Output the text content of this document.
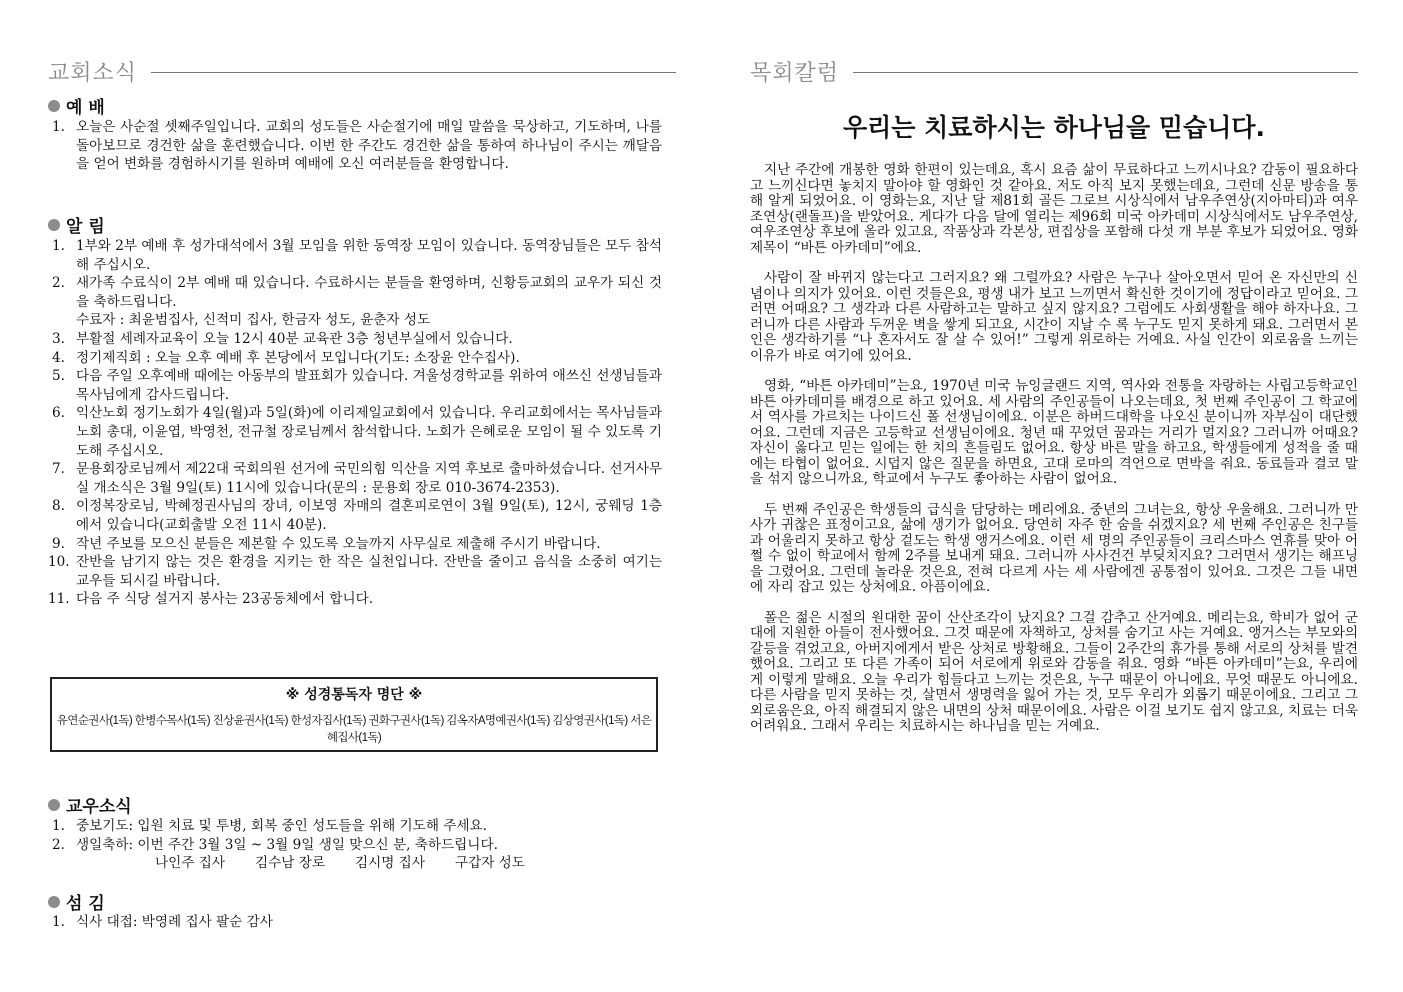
교회소식
예 배
1. 오늘은 사순절 셋째주일입니다. 교회의 성도들은 사순절기에 매일 말씀을 묵상하고, 기도하며, 나를 돌아보므로 경건한 삶을 훈련했습니다. 이번 한 주간도 경건한 삶을 통하여 하나님이 주시는 깨달음을 얻어 변화를 경험하시기를 원하며 예배에 오신 여러분들을 환영합니다.
알 림
1. 1부와 2부 예배 후 성가대석에서 3월 모임을 위한 동역장 모임이 있습니다. 동역장님들은 모두 참석해 주십시오.
2. 새가족 수료식이 2부 예배 때 있습니다. 수료하시는 분들을 환영하며, 신황등교회의 교우가 되신 것을 축하드립니다.
수료자 : 최윤범집사, 신적미 집사, 한금자 성도, 윤춘자 성도
3. 부활절 세례자교육이 오늘 12시 40분 교육관 3층 청년부실에서 있습니다.
4. 정기제직회 : 오늘 오후 예배 후 본당에서 모입니다(기도: 소장윤 안수집사).
5. 다음 주일 오후예배 때에는 아동부의 발표회가 있습니다. 겨울성경학교를 위하여 애쓰신 선생님들과 목사님에게 감사드립니다.
6. 익산노회 정기노회가 4일(월)과 5일(화)에 이리제일교회에서 있습니다. 우리교회에서는 목사님들과 노회 총대, 이윤엽, 박영천, 전규철 장로님께서 참석합니다. 노회가 은혜로운 모임이 될 수 있도록 기도해 주십시오.
7. 문용회장로님께서 제22대 국회의원 선거에 국민의힘 익산을 지역 후보로 출마하셨습니다. 선거사무실 개소식은 3월 9일(토) 11시에 있습니다(문의 : 문용회 장로 010-3674-2353).
8. 이정복장로님, 박혜정권사님의 장녀, 이보영 자매의 결혼피로연이 3월 9일(토), 12시, 궁웨딩 1층에서 있습니다(교회출발 오전 11시 40분).
9. 작년 주보를 모으신 분들은 제본할 수 있도록 오늘까지 사무실로 제출해 주시기 바랍니다.
10. 잔반을 남기지 않는 것은 환경을 지키는 한 작은 실천입니다. 잔반을 줄이고 음식을 소중히 여기는 교우들 되시길 바랍니다.
11. 다음 주 식당 설거지 봉사는 23공동체에서 합니다.
※ 성경통독자 명단 ※
유연순권사(1독) 한병수목사(1독) 진상윤권사(1독) 한성자집사(1독) 권화구권사(1독) 김옥자A명예권사(1독) 김상영권사(1독) 서은혜집사(1독)
교우소식
1. 중보기도: 입원 치료 및 투병, 회복 중인 성도들을 위해 기도해 주세요.
2. 생일축하: 이번 주간 3월 3일 ~ 3월 9일 생일 맞으신 분, 축하드립니다.
나인주 집사 김수남 장로 김시명 집사 구갑자 성도
섬 김
1. 식사 대접: 박영례 집사 팔순 감사
목회칼럼
우리는 치료하시는 하나님을 믿습니다.

지난 주간에 개봉한 영화 한편이 있는데요, 혹시 요즘 삶이 무료하다고 느끼시나요? 감동이 필요하다고 느끼신다면 놓치지 말아야 할 영화인 것 같아요. 저도 아직 보지 못했는데요, 그런데 신문 방송을 통해 알게 되었어요. 이 영화는요, 지난 달 제81회 골든 그로브 시상식에서 남우주연상(지아마티)과 여우조연상(랜돌프)을 받았어요. 게다가 다음 달에 열리는 제96회 미국 아카데미 시상식에서도 남우주연상, 여우조연상 후보에 올라 있고요, 작품상과 각본상, 편집상을 포함해 다섯 개 부분 후보가 되었어요. 영화 제목이 “바튼 아카데미”에요.

사람이 잘 바뀌지 않는다고 그러지요? 왜 그럴까요? 사람은 누구나 살아오면서 믿어 온 자신만의 신념이나 의지가 있어요. 이런 것들은요, 평생 내가 보고 느끼면서 확신한 것이기에 정답이라고 믿어요. 그러면 어때요? 그 생각과 다른 사람하고는 말하고 싶지 않지요? 그럼에도 사회생활을 해야 하자나요. 그러니까 다른 사람과 두꺼운 벽을 쌓게 되고요, 시간이 지날 수 록 누구도 믿지 못하게 돼요. 그러면서 본인은 생각하기를 “나 혼자서도 잘 살 수 있어!” 그렇게 위로하는 거예요. 사실 인간이 외로움을 느끼는 이유가 바로 여기에 있어요.

영화, “바튼 아카데미”는요, 1970년 미국 뉴잉글랜드 지역, 역사와 전통을 자랑하는 사립고등학교인 바튼 아카데미를 배경으로 하고 있어요. 세 사람의 주인공들이 나오는데요, 첫 번째 주인공이 그 학교에서 역사를 가르치는 나이드신 폴 선생님이에요. 이분은 하버드대학을 나오신 분이니까 자부심이 대단했어요. 그런데 지금은 고등학교 선생님이에요. 청년 때 꾸었던 꿈과는 거리가 멀지요? 그러니까 어때요? 자신이 옳다고 믿는 일에는 한 치의 흔들림도 없어요. 항상 바른 말을 하고요, 학생들에게 성적을 줄 때에는 타협이 없어요. 시덥지 않은 질문을 하면요, 고대 로마의 격언으로 면박을 줘요. 동료들과 결코 말을 섞지 않으니까요, 학교에서 누구도 좋아하는 사람이 없어요.

두 번째 주인공은 학생들의 급식을 담당하는 메리에요. 중년의 그녀는요, 항상 우울해요. 그러니까 만사가 귀찮은 표정이고요, 삶에 생기가 없어요. 당연히 자주 한 숨을 쉬겠지요? 세 번째 주인공은 친구들과 어울리지 못하고 항상 겉도는 학생 앵거스에요. 이런 세 명의 주인공들이 크리스마스 연휴를 맞아 어쩔 수 없이 학교에서 함께 2주를 보내게 돼요. 그러니까 사사건건 부딪치지요? 그러면서 생기는 해프닝을 그렸어요. 그런데 놀라운 것은요, 전혀 다르게 사는 세 사람에겐 공통점이 있어요. 그것은 그들 내면에 자리 잡고 있는 상처에요. 아픔이에요.

폴은 젊은 시절의 원대한 꿈이 산산조각이 났지요? 그걸 감추고 산거예요. 메리는요, 학비가 없어 군대에 지원한 아들이 전사했어요. 그것 때문에 자책하고, 상처를 숨기고 사는 거예요. 앵거스는 부모와의 갈등을 겪었고요, 아버지에게서 받은 상처로 방황해요. 그들이 2주간의 휴가를 통해 서로의 상처를 발견했어요. 그리고 또 다른 가족이 되어 서로에게 위로와 감동을 줘요. 영화 “바튼 아카데미”는요, 우리에게 이렇게 말해요. 오늘 우리가 힘들다고 느끼는 것은요, 누구 때문이 아니에요. 무엇 때문도 아니에요. 다른 사람을 믿지 못하는 것, 살면서 생명력을 잃어 가는 것, 모두 우리가 외롭기 때문이에요. 그리고 그 외로움은요, 아직 해결되지 않은 내면의 상처 때문이에요. 사람은 이걸 보기도 쉽지 않고요, 치료는 더욱 어려워요. 그래서 우리는 치료하시는 하나님을 믿는 거예요.
